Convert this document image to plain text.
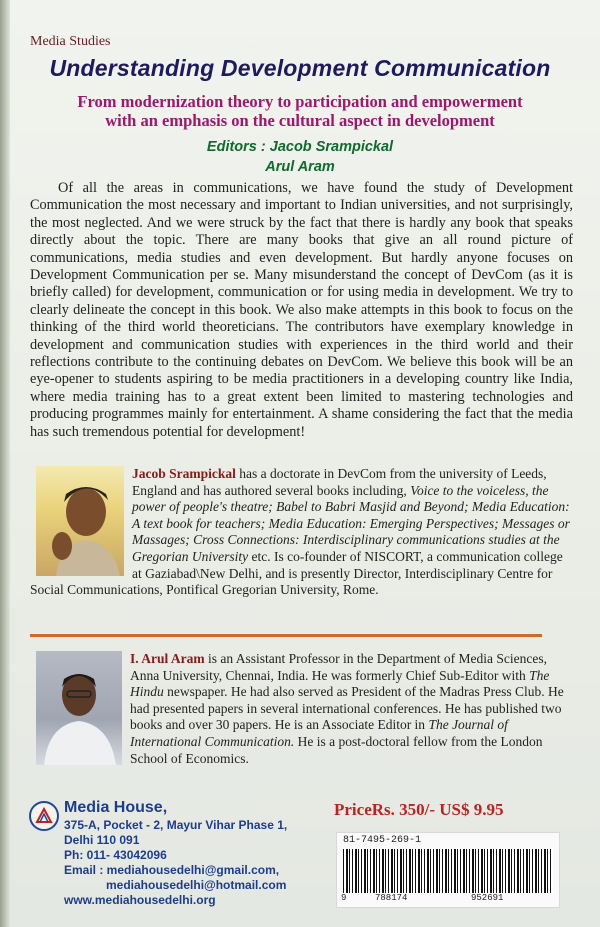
Media Studies
Understanding Development Communication
From modernization theory to participation and empowerment
with an emphasis on the cultural aspect in development
Editors : Jacob Srampickal
Arul Aram
Of all the areas in communications, we have found the study of Development Communication the most necessary and important to Indian universities, and not surprisingly, the most neglected. And we were struck by the fact that there is hardly any book that speaks directly about the topic. There are many books that give an all round picture of communications, media studies and even development. But hardly anyone focuses on Development Communication per se. Many misunderstand the concept of DevCom (as it is briefly called) for development, communication or for using media in development. We try to clearly delineate the concept in this book. We also make attempts in this book to focus on the thinking of the third world theoreticians. The contributors have exemplary knowledge in development and communication studies with experiences in the third world and their reflections contribute to the continuing debates on DevCom. We believe this book will be an eye-opener to students aspiring to be media practitioners in a developing country like India, where media training has to a great extent been limited to mastering technologies and producing programmes mainly for entertainment. A shame considering the fact that the media has such tremendous potential for development!
Jacob Srampickal has a doctorate in DevCom from the university of Leeds, England and has authored several books including, Voice to the voiceless, the power of people's theatre; Babel to Babri Masjid and Beyond; Media Education: A text book for teachers; Media Education: Emerging Perspectives; Messages or Massages; Cross Connections: Interdisciplinary communications studies at the Gregorian University etc. Is co-founder of NISCORT, a communication college at Gaziabad\New Delhi, and is presently Director, Interdisciplinary Centre for Social Communications, Pontifical Gregorian University, Rome.
I. Arul Aram is an Assistant Professor in the Department of Media Sciences, Anna University, Chennai, India. He was formerly Chief Sub-Editor with The Hindu newspaper. He had also served as President of the Madras Press Club. He had presented papers in several international conferences. He has published two books and over 30 papers. He is an Associate Editor in The Journal of International Communication. He is a post-doctoral fellow from the London School of Economics.
Media House,
375-A, Pocket - 2, Mayur Vihar Phase 1,
Delhi 110 091
Ph: 011- 43042096
Email : mediahousedelhi@gmail.com,
mediahousedelhi@hotmail.com
www.mediahousedelhi.org
PriceRs. 350/- US$ 9.95
81-7495-269-1
9	788174	952691
